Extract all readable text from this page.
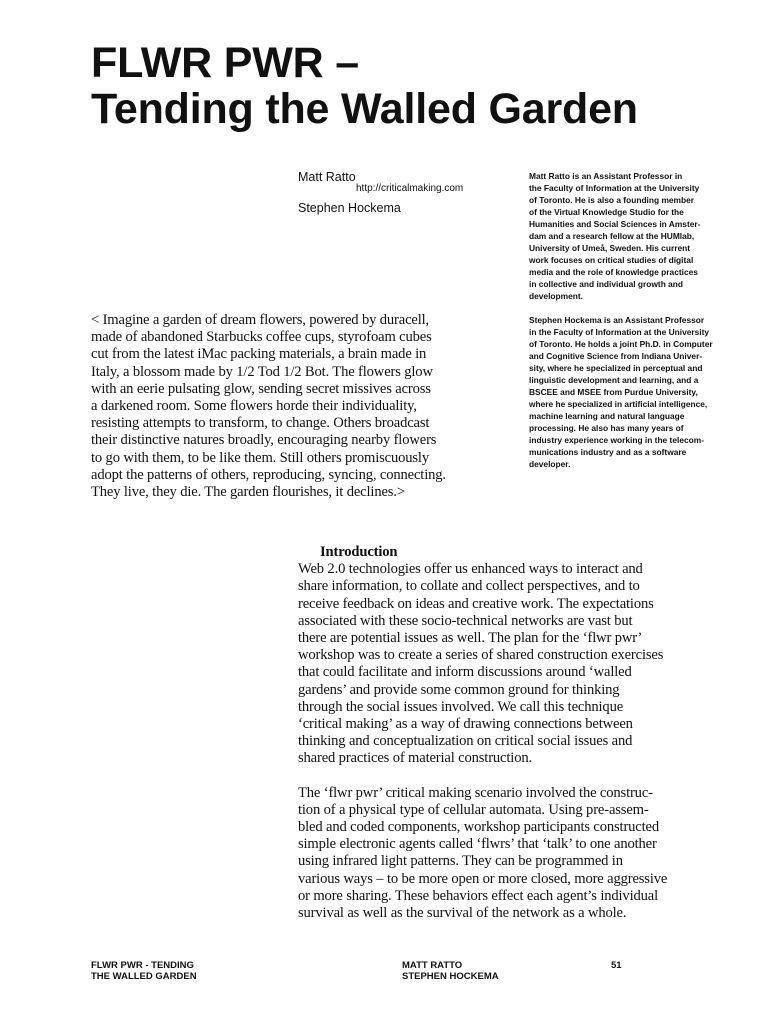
FLWR PWR –
Tending the Walled Garden
Matt Ratto
http://criticalmaking.com
Stephen Hockema
Matt Ratto is an Assistant Professor in
the Faculty of Information at the University
of Toronto. He is also a founding member
of the Virtual Knowledge Studio for the
Humanities and Social Sciences in Amster-
dam and a research fellow at the HUMlab,
University of Umeå, Sweden. His current
work focuses on critical studies of digital
media and the role of knowledge practices
in collective and individual growth and
development.
Stephen Hockema is an Assistant Professor
in the Faculty of Information at the University
of Toronto. He holds a joint Ph.D. in Computer
and Cognitive Science from Indiana Univer-
sity, where he specialized in perceptual and
linguistic development and learning, and a
BSCEE and MSEE from Purdue University,
where he specialized in artificial intelligence,
machine learning and natural language
processing. He also has many years of
industry experience working in the telecom-
munications industry and as a software
developer.
< Imagine a garden of dream flowers, powered by duracell,
made of abandoned Starbucks coffee cups, styrofoam cubes
cut from the latest iMac packing materials, a brain made in
Italy, a blossom made by 1/2 Tod 1/2 Bot. The flowers glow
with an eerie pulsating glow, sending secret missives across
a darkened room. Some flowers horde their individuality,
resisting attempts to transform, to change. Others broadcast
their distinctive natures broadly, encouraging nearby flowers
to go with them, to be like them. Still others promiscuously
adopt the patterns of others, reproducing, syncing, connecting.
They live, they die. The garden flourishes, it declines.>
Introduction
Web 2.0 technologies offer us enhanced ways to interact and
share information, to collate and collect perspectives, and to
receive feedback on ideas and creative work. The expectations
associated with these socio-technical networks are vast but
there are potential issues as well. The plan for the ‘flwr pwr’
workshop was to create a series of shared construction exercises
that could facilitate and inform discussions around ‘walled
gardens’ and provide some common ground for thinking
through the social issues involved. We call this technique
‘critical making’ as a way of drawing connections between
thinking and conceptualization on critical social issues and
shared practices of material construction.
The ‘flwr pwr’ critical making scenario involved the construc-
tion of a physical type of cellular automata. Using pre-assem-
bled and coded components, workshop participants constructed
simple electronic agents called ‘flwrs’ that ‘talk’ to one another
using infrared light patterns. They can be programmed in
various ways – to be more open or more closed, more aggressive
or more sharing. These behaviors effect each agent’s individual
survival as well as the survival of the network as a whole.
FLWR PWR - TENDING
THE WALLED GARDEN
MATT RATTO
STEPHEN HOCKEMA
51
